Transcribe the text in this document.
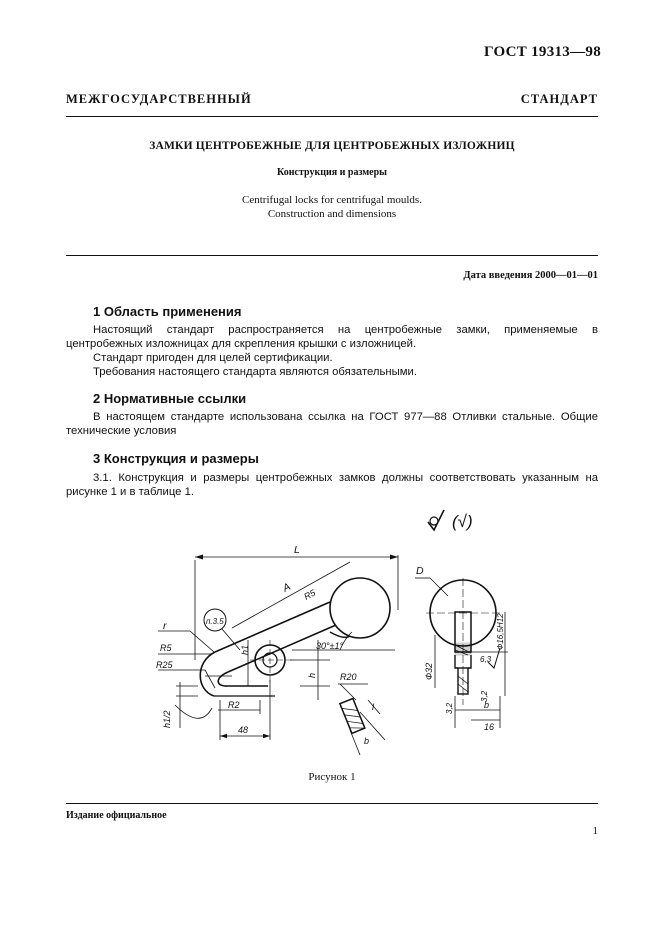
ГОСТ 19313—98
МЕЖГОСУДАРСТВЕННЫЙ СТАНДАРТ
ЗАМКИ ЦЕНТРОБЕЖНЫЕ ДЛЯ ЦЕНТРОБЕЖНЫХ ИЗЛОЖНИЦ
Конструкция и размеры
Centrifugal locks for centrifugal moulds.
Construction and dimensions
Дата введения 2000—01—01
1 Область применения
Настоящий стандарт распространяется на центробежные замки, применяемые в центробежных изложницах для скрепления крышки с изложницей.
Стандарт пригоден для целей сертификации.
Требования настоящего стандарта являются обязательными.
2 Нормативные ссылки
В настоящем стандарте использована ссылка на ГОСТ 977—88 Отливки стальные. Общие технические условия
3 Конструкция и размеры
3.1. Конструкция и размеры центробежных замков должны соответствовать указанным на рисунке 1 и в таблице 1.
(√)
L
A R5
r	п.3.5
R5
R25
h1
h1/2
R2
48
h
30°±1°
R20
l
b
D
Ф16,5H12
Ф32
6,3
3,2
3,2
b
16
Рисунок 1
Издание официальное
1
